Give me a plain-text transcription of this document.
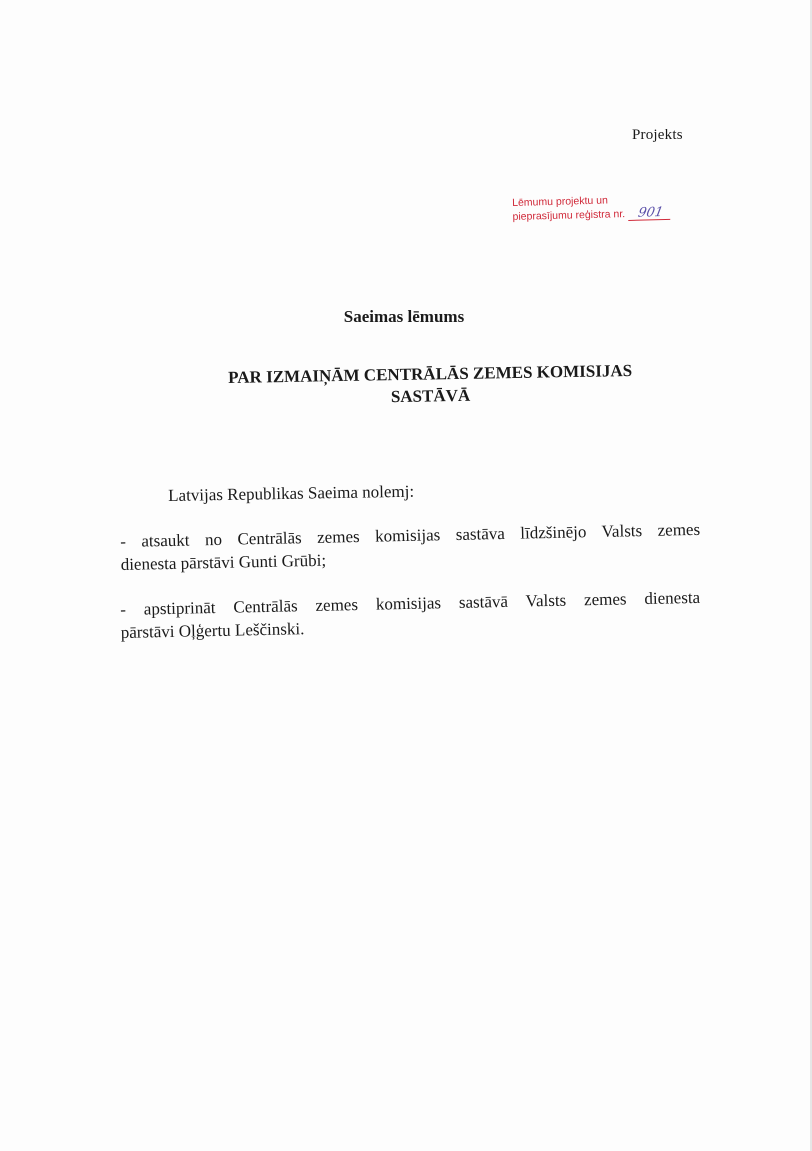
Projekts
Lēmumu projektu un
pieprasījumu reģistra nr. 901
Saeimas lēmums
PAR IZMAIŅĀM CENTRĀLĀS ZEMES KOMISIJAS
SASTĀVĀ
Latvijas Republikas Saeima nolemj:
- atsaukt no Centrālās zemes komisijas sastāva līdzšinējo Valsts zemes
dienesta pārstāvi Gunti Grūbi;
- apstiprināt Centrālās zemes komisijas sastāvā Valsts zemes dienesta
pārstāvi Oļģertu Leščinski.
